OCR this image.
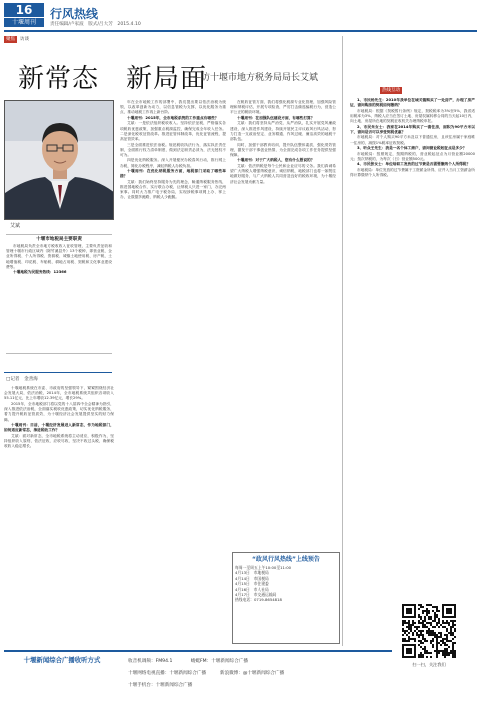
16
十堰周刊
行风热线
责任编辑/卢家波　版式/吕大芳　2015.4.10
聚焦	访谈
新常态　新局面
——访十堰市地方税务局局长艾斌
艾斌
十堰市地税局主要职责

市地税局负责全市地方税收收入征收管理，主要负责征收和管理十堰市行政区域内（除竹溪县外）13个税种，即营业税、企业所得税、个人所得税、资源税、城镇土地使用税、房产税、土地增值税、印花税、车船税、耕地占用税、契税和文化事业建设费等。

十堰地税为民服务热线：12366

□记者　金善海

十堰地税系统在市委、市政府的坚强领导下，紧紧围绕经济社会发展大局，依法治税，2014年，全市地税系统共组织各项收入55.11亿元，比上年增收12.39亿元，增长29%。

2015年，全市地税部门将以党的十八届四中全会精神为指引，深入推进依法治税，全面落实税收优惠政策，切实优化纳税服务，着力提升税收征管质效，为十堰经济社会发展提供坚实的财力保障。

十堰周刊：目前，十堰经济发展进入新常态，作为地税部门，如何适应新常态，推进税收工作？

艾斌：面对新常态，全市地税系统将主动适应，积极作为，坚持组织收入原则，依法征收，应收尽收，坚决不收过头税，确保税收收入稳定增长。

年在全市地税工作的部署中，我们提出要以依法治税为统领，以改革创新为动力，以信息管税为支撑，以优化服务为重点，推动地税工作再上新台阶。

十堰周刊：2015年，全市地税系统的工作重点有哪些？

艾斌：一是依法组织税收收入。坚持依法征税，严格落实各项税收优惠政策，加强重点税源监控，确保完成全年收入任务。二是深化税收征管改革。推进征管体制改革，优化征管流程，提高征管效率。

三是全面推进依法治税。规范税收执法行为，落实执法责任制，全面推行权力清单制度，做到法定职责必须为，法无授权不可为。

四是优化纳税服务。深入开展便民办税春风行动，推行网上办税，简化办税程序，减轻纳税人办税负担。

十堰周刊：在优化纳税服务方面，地税部门采取了哪些举措？

艾斌：我们始终坚持服务为先的理念，畅通纳税服务热线，推进国地税合作，实行联合办税，让纳税人只进一家门，办完两家事。同时大力推广电子税务局，实现涉税事项网上办、掌上办，让数据多跑路，纳税人少跑腿。

在税收征管方面，我们将强化税源专业化管理，加强风险管理和纳税评估，开展专项检查，严厉打击偷逃骗税行为，营造公平公正的税收环境。

十堰周刊：在加强队伍建设方面，有哪些打算？

艾斌：我们将坚持从严治党、从严治队，扎实开展党风廉政建设，深入推进作风建设，持续开展民主评议政风行风活动，努力打造一支政治坚定、业务精通、作风过硬、廉洁高效的地税干部队伍。

同时，加强干部教育培训，提升队伍整体素质，强化绩效管理，激发干部干事创业热情，为全面完成各项工作任务提供坚强保障。

十堰周刊：对于广大纳税人，您有什么想说的？

艾斌：依法纳税是每个公民和企业应尽的义务。我们真诚希望广大纳税人增强纳税意识，诚信纳税，地税部门也将一如既往地做好服务，与广大纳税人共同营造良好的税收环境，为十堰经济社会发展贡献力量。

热线互动

1、市民杨先生：2010年我单位在城关镇购买了一处房产，办理了房产证，请问购房的契税如何缴纳？

市地税局：根据《契税暂行条例》规定，契税税率为3%至5%，我省适用税率为3%，纳税人应当在签订土地、房屋权属转移合同的当天起10日内，向土地、房屋所在地的契税征收机关办理纳税申报。

2、市民朱女士：我家在2014年购买了一套住房，面积为90平方米以下，请问是否可以享受契税优惠？

市地税局：对个人购买90平方米及以下普通住房，且该住房属于家庭唯一住房的，减按1%税率征收契税。

3、听众王先生：我是一名个体工商户，请问营业税起征点是多少？

市地税局：按照规定，按期纳税的，营业税起征点为月营业额20000元；按次纳税的，为每次（日）营业额500元。

4、市民张女士：单位给职工发放的过节费是否需要缴纳个人所得税？

市地税局：单位发放的过节费属于工资薪金所得，应并入当月工资薪金所得计算缴纳个人所得税。

“政风行风热线”上线预告
每周一至周五上午10:00至11:00
4月13日　市地税局
4月14日　市国税局
4月15日　市住建委
4月16日　市人社局
4月17日　市交通运输局
热线电话：0719-8654818
扫一扫，关注我们
十堰新闻综合广播收听方式	收音机调频：FM94.1　　　　蜻蜓FM：十堰新闻综合广播
十堰网络电视直播：十堰新闻综合广播　　　新浪微博：@十堰新闻综合广播
十堰手机台：十堰新闻综合广播　　　　　　　　　　　　　　　　　　　　　
